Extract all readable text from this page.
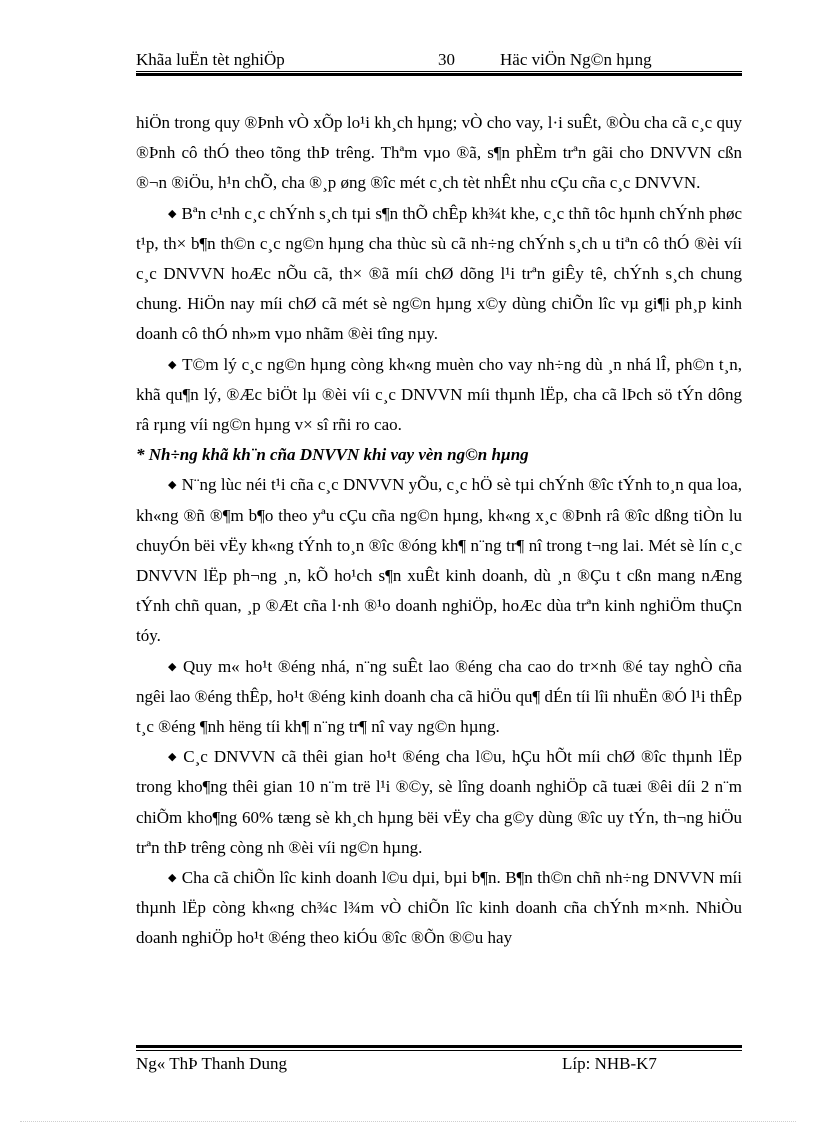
Khãa luËn tèt nghiÖp	30	Häc viÖn Ng©n hµng

hiÖn trong quy ®Þnh vÒ xÕp lo¹i kh¸ch hµng; vÒ cho vay, l·i suÊt, ®Òu cha cã c¸c quy ®Þnh cô thÓ theo tõng thÞ trêng. Thªm vµo ®ã, s¶n phÈm trªn gãi cho DNVVN cßn ®¬n ®iÖu, h¹n chÕ, cha ®¸p øng ®îc mét c¸ch tèt nhÊt nhu cÇu cña c¸c DNVVN.

◆ Bªn c¹nh c¸c chÝnh s¸ch tµi s¶n thÕ chÊp kh¾t khe, c¸c thñ tôc hµnh chÝnh phøc t¹p, th× b¶n th©n c¸c ng©n hµng cha thùc sù cã nh÷ng chÝnh s¸ch u tiªn cô thÓ ®èi víi c¸c DNVVN hoÆc nÕu cã, th× ®ã míi chØ dõng l¹i trªn giÊy tê, chÝnh s¸ch chung chung. HiÖn nay míi chØ cã mét sè ng©n hµng x©y dùng chiÕn lîc vµ gi¶i ph¸p kinh doanh cô thÓ nh»m vµo nhãm ®èi tîng nµy.

◆ T©m lý c¸c ng©n hµng còng kh«ng muèn cho vay nh÷ng dù ¸n nhá lÎ, ph©n t¸n, khã qu¶n lý, ®Æc biÖt lµ ®èi víi c¸c DNVVN míi thµnh lËp, cha cã lÞch sö tÝn dông râ rµng víi ng©n hµng v× sî rñi ro cao.

* Nh÷ng khã kh¨n cña DNVVN khi vay vèn ng©n hµng

◆ N¨ng lùc néi t¹i cña c¸c DNVVN yÕu, c¸c hÖ sè tµi chÝnh ®îc tÝnh to¸n qua loa, kh«ng ®ñ ®¶m b¶o theo yªu cÇu cña ng©n hµng, kh«ng x¸c ®Þnh râ ®îc dßng tiÒn lu chuyÓn bëi vËy kh«ng tÝnh to¸n ®îc ®óng kh¶ n¨ng tr¶ nî trong t¬ng lai. Mét sè lín c¸c DNVVN lËp ph¬ng ¸n, kÕ ho¹ch s¶n xuÊt kinh doanh, dù ¸n ®Çu t cßn mang nÆng tÝnh chñ quan, ¸p ®Æt cña l·nh ®¹o doanh nghiÖp, hoÆc dùa trªn kinh nghiÖm thuÇn tóy.

◆ Quy m« ho¹t ®éng nhá, n¨ng suÊt lao ®éng cha cao do tr×nh ®é tay nghÒ cña ngêi lao ®éng thÊp, ho¹t ®éng kinh doanh cha cã hiÖu qu¶ dÉn tíi lîi nhuËn ®Ó l¹i thÊp t¸c ®éng ¶nh hëng tíi kh¶ n¨ng tr¶ nî vay ng©n hµng.

◆ C¸c DNVVN cã thêi gian ho¹t ®éng cha l©u, hÇu hÕt míi chØ ®îc thµnh lËp trong kho¶ng thêi gian 10 n¨m trë l¹i ®©y, sè lîng doanh nghiÖp cã tuæi ®êi díi 2 n¨m chiÕm kho¶ng 60% tæng sè kh¸ch hµng bëi vËy cha g©y dùng ®îc uy tÝn, th¬ng hiÖu trªn thÞ trêng còng nh ®èi víi ng©n hµng.

◆ Cha cã chiÕn lîc kinh doanh l©u dµi, bµi b¶n. B¶n th©n chñ nh÷ng DNVVN míi thµnh lËp còng kh«ng ch¾c l¾m vÒ chiÕn lîc kinh doanh cña chÝnh m×nh. NhiÒu doanh nghiÖp ho¹t ®éng theo kiÓu ®îc ®Õn ®©u hay

Ng« ThÞ Thanh Dung	Líp: NHB-K7
